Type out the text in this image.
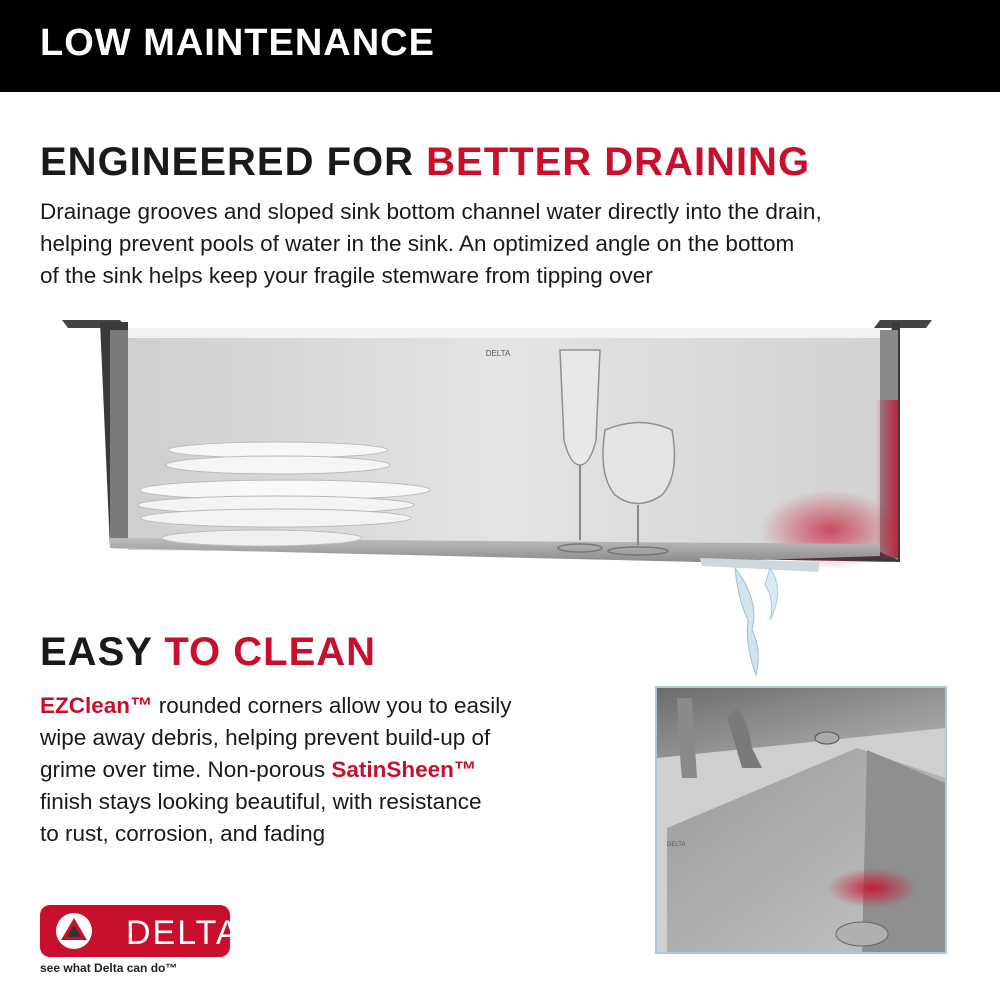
LOW MAINTENANCE
ENGINEERED FOR BETTER DRAINING
Drainage grooves and sloped sink bottom channel water directly into the drain,
helping prevent pools of water in the sink. An optimized angle on the bottom
of the sink helps keep your fragile stemware from tipping over
DELTA
EASY TO CLEAN
EZClean™ rounded corners allow you to easily
wipe away debris, helping prevent build-up of
grime over time. Non-porous SatinSheen™
finish stays looking beautiful, with resistance
to rust, corrosion, and fading	DELTA
DELTA
see what Delta can do™
